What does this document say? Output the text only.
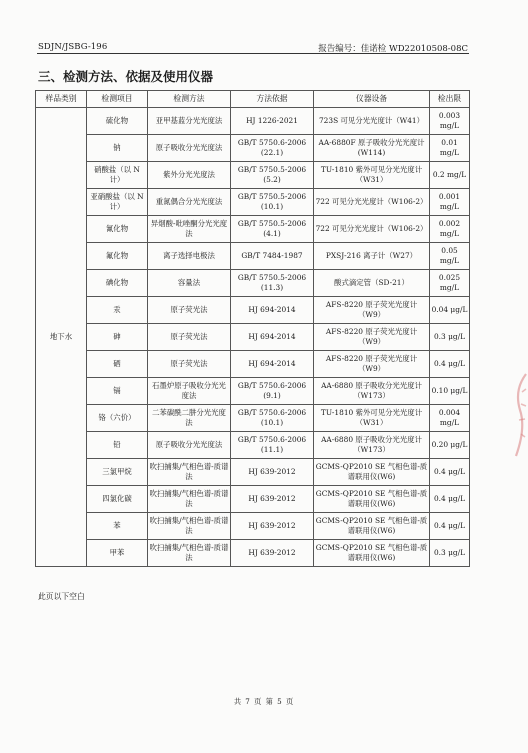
SDJN/JSBG-196	报告编号：佳诺检 WD22010508-08C
三、检测方法、依据及使用仪器
样品类别	检测项目	检测方法	方法依据	仪器设备	检出限
地下水	硫化物	亚甲基蓝分光光度法	HJ 1226-2021	723S 可见分光光度计（W41）	0.003 mg/L
	钠	原子吸收分光光度法	GB/T 5750.6-2006 (22.1)	AA-6880F 原子吸收分光光度计(W114)	0.01 mg/L
	硝酸盐（以 N 计）	紫外分光光度法	GB/T 5750.5-2006 (5.2)	TU-1810 紫外可见分光光度计（W31）	0.2 mg/L
	亚硝酸盐（以 N 计）	重氮偶合分光光度法	GB/T 5750.5-2006 (10.1)	722 可见分光光度计（W106-2）	0.001 mg/L
	氰化物	异烟酸-吡唑酮分光光度法	GB/T 5750.5-2006 (4.1)	722 可见分光光度计（W106-2）	0.002 mg/L
	氟化物	离子选择电极法	GB/T 7484-1987	PXSJ-216 离子计（W27）	0.05 mg/L
	碘化物	容量法	GB/T 5750.5-2006 (11.3)	酸式滴定管（SD-21）	0.025 mg/L
	汞	原子荧光法	HJ 694-2014	AFS-8220 原子荧光光度计（W9）	0.04 μg/L
	砷	原子荧光法	HJ 694-2014	AFS-8220 原子荧光光度计（W9）	0.3 μg/L
	硒	原子荧光法	HJ 694-2014	AFS-8220 原子荧光光度计（W9）	0.4 μg/L
	镉	石墨炉原子吸收分光光度法	GB/T 5750.6-2006 (9.1)	AA-6880 原子吸收分光光度计（W173）	0.10 μg/L
	铬（六价）	二苯碳酰二肼分光光度法	GB/T 5750.6-2006 (10.1)	TU-1810 紫外可见分光光度计（W31）	0.004 mg/L
	铅	原子吸收分光光度法	GB/T 5750.6-2006 (11.1)	AA-6880 原子吸收分光光度计（W173）	0.20 μg/L
	三氯甲烷	吹扫捕集/气相色谱-质谱法	HJ 639-2012	GCMS-QP2010 SE 气相色谱-质谱联用仪(W6)	0.4 μg/L
	四氯化碳	吹扫捕集/气相色谱-质谱法	HJ 639-2012	GCMS-QP2010 SE 气相色谱-质谱联用仪(W6)	0.4 μg/L
	苯	吹扫捕集/气相色谱-质谱法	HJ 639-2012	GCMS-QP2010 SE 气相色谱-质谱联用仪(W6)	0.4 μg/L
	甲苯	吹扫捕集/气相色谱-质谱法	HJ 639-2012	GCMS-QP2010 SE 气相色谱-质谱联用仪(W6)	0.3 μg/L
此页以下空白
共 7 页 第 5 页
